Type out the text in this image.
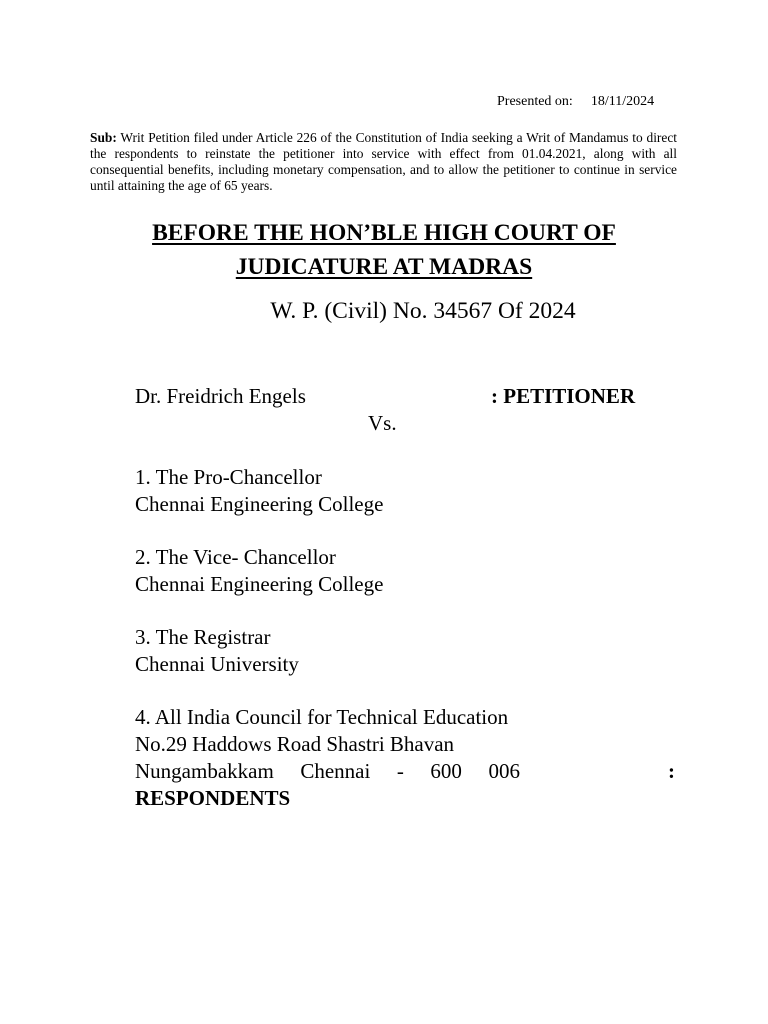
Presented on: 18/11/2024
Sub: Writ Petition filed under Article 226 of the Constitution of India seeking a Writ of Mandamus to direct the respondents to reinstate the petitioner into service with effect from 01.04.2021, along with all consequential benefits, including monetary compensation, and to allow the petitioner to continue in service until attaining the age of 65 years.
BEFORE THE HON’BLE HIGH COURT OF
JUDICATURE AT MADRAS
W. P. (Civil) No. 34567 Of 2024
Dr. Freidrich Engels	: PETITIONER
Vs.
1. The Pro-Chancellor
Chennai Engineering College
2. The Vice- Chancellor
Chennai Engineering College
3. The Registrar
Chennai University
4. All India Council for Technical Education
No.29 Haddows Road Shastri Bhavan
Nungambakkam Chennai - 600 006	:
RESPONDENTS
